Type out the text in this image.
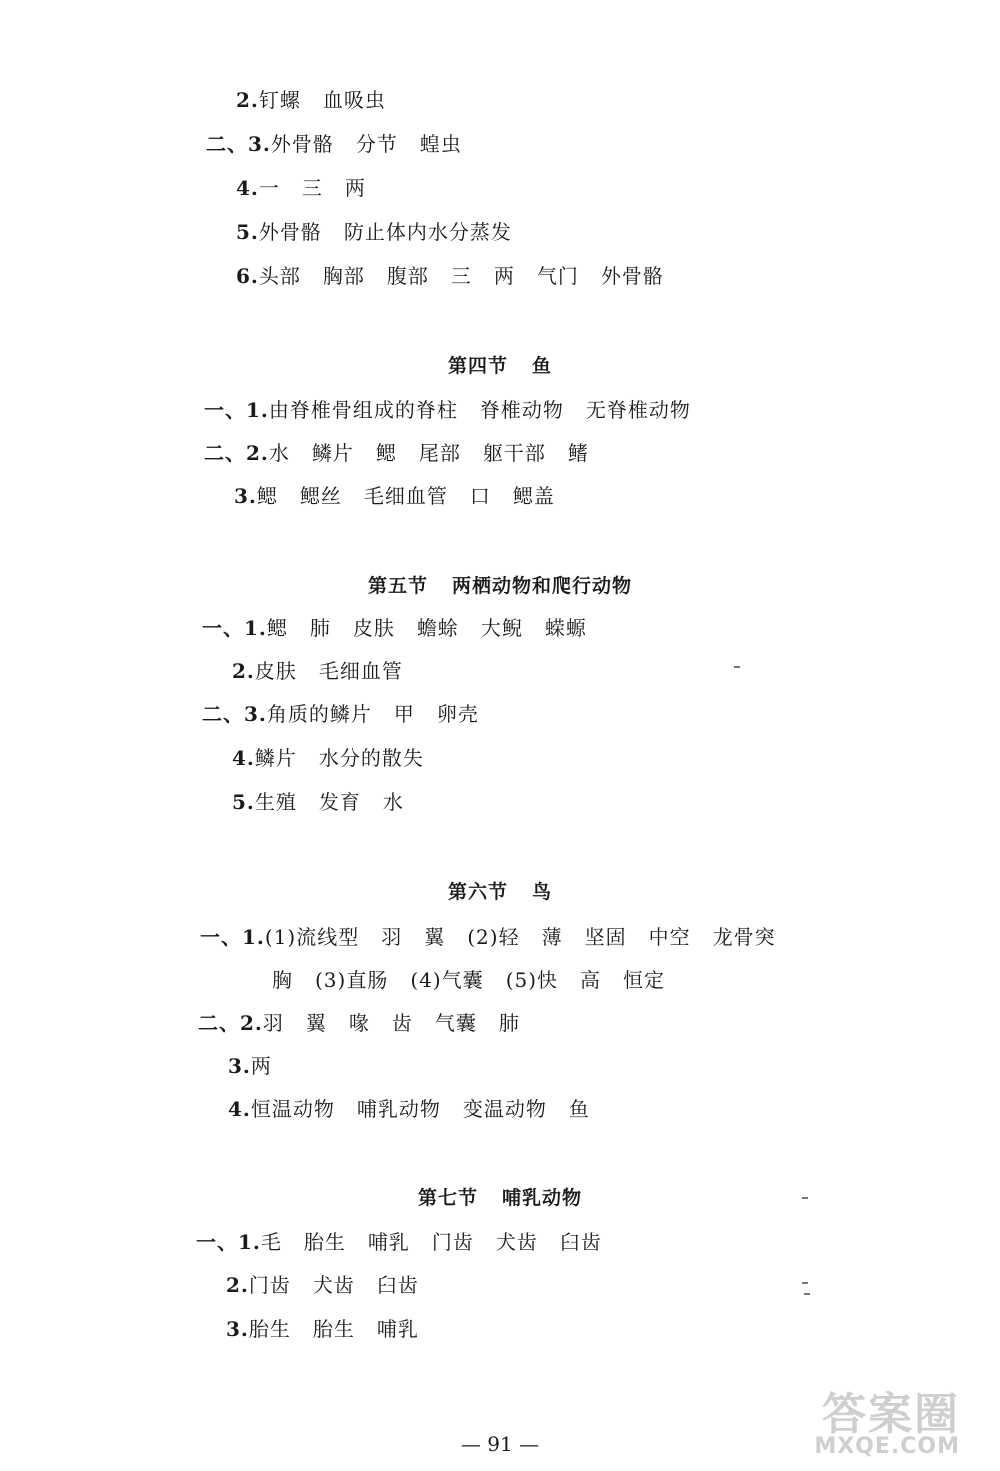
2.钉螺 血吸虫
二、3.外骨骼 分节 蝗虫
4.一 三 两
5.外骨骼 防止体内水分蒸发
6.头部 胸部 腹部 三 两 气门 外骨骼
第四节 鱼
一、1.由脊椎骨组成的脊柱 脊椎动物 无脊椎动物
二、2.水 鳞片 鳃 尾部 躯干部 鳍
3.鳃 鳃丝 毛细血管 口 鳃盖
第五节 两栖动物和爬行动物
一、1.鳃 肺 皮肤 蟾蜍 大鲵 蝾螈
2.皮肤 毛细血管
二、3.角质的鳞片 甲 卵壳
4.鳞片 水分的散失
5.生殖 发育 水
第六节 鸟
一、1.(1)流线型 羽 翼 (2)轻 薄 坚固 中空 龙骨突
胸 (3)直肠 (4)气囊 (5)快 高 恒定
二、2.羽 翼 喙 齿 气囊 肺
3.两
4.恒温动物 哺乳动物 变温动物 鱼
第七节 哺乳动物
一、1.毛 胎生 哺乳 门齿 犬齿 臼齿
2.门齿 犬齿 臼齿
3.胎生 胎生 哺乳
— 91 —
答案圈
MXQE.COM
